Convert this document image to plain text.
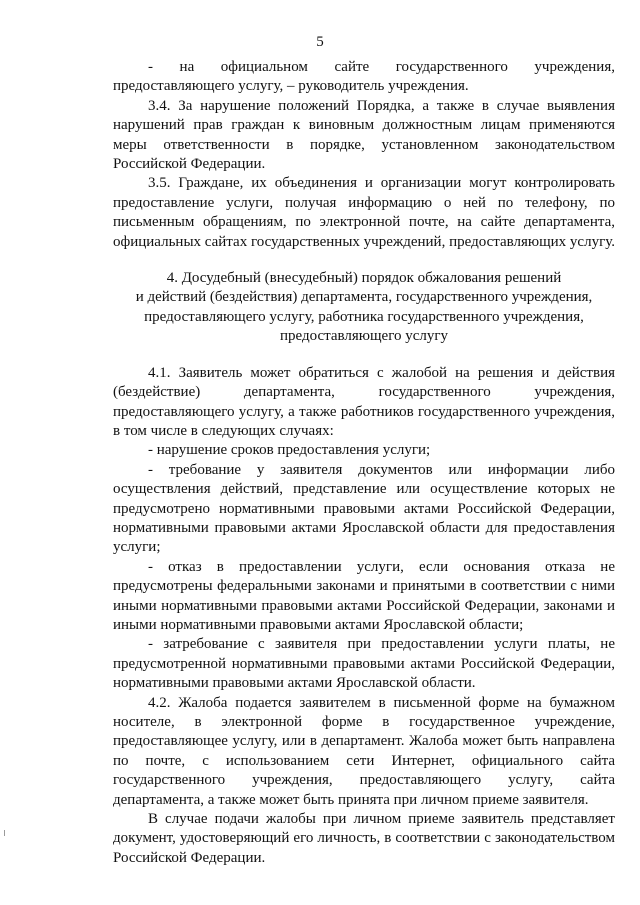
5

- на официальном сайте государственного учреждения, предоставляющего услугу, – руководитель учреждения.

3.4. За нарушение положений Порядка, а также в случае выявления нарушений прав граждан к виновным должностным лицам применяются меры ответственности в порядке, установленном законодательством Российской Федерации.

3.5. Граждане, их объединения и организации могут контролировать предоставление услуги, получая информацию о ней по телефону, по письменным обращениям, по электронной почте, на сайте департамента, официальных сайтах государственных учреждений, предоставляющих услугу.

4. Досудебный (внесудебный) порядок обжалования решений
и действий (бездействия) департамента, государственного учреждения,
предоставляющего услугу, работника государственного учреждения,
предоставляющего услугу

4.1. Заявитель может обратиться с жалобой на решения и действия (бездействие) департамента, государственного учреждения, предоставляющего услугу, а также работников государственного учреждения, в том числе в следующих случаях:

- нарушение сроков предоставления услуги;

- требование у заявителя документов или информации либо осуществления действий, представление или осуществление которых не предусмотрено нормативными правовыми актами Российской Федерации, нормативными правовыми актами Ярославской области для предоставления услуги;

- отказ в предоставлении услуги, если основания отказа не предусмотрены федеральными законами и принятыми в соответствии с ними иными нормативными правовыми актами Российской Федерации, законами и иными нормативными правовыми актами Ярославской области;

- затребование с заявителя при предоставлении услуги платы, не предусмотренной нормативными правовыми актами Российской Федерации, нормативными правовыми актами Ярославской области.

4.2. Жалоба подается заявителем в письменной форме на бумажном носителе, в электронной форме в государственное учреждение, предоставляющее услугу, или в департамент. Жалоба может быть направлена по почте, с использованием сети Интернет, официального сайта государственного учреждения, предоставляющего услугу, сайта департамента, а также может быть принята при личном приеме заявителя.

В случае подачи жалобы при личном приеме заявитель представляет документ, удостоверяющий его личность, в соответствии с законодательством Российской Федерации.
